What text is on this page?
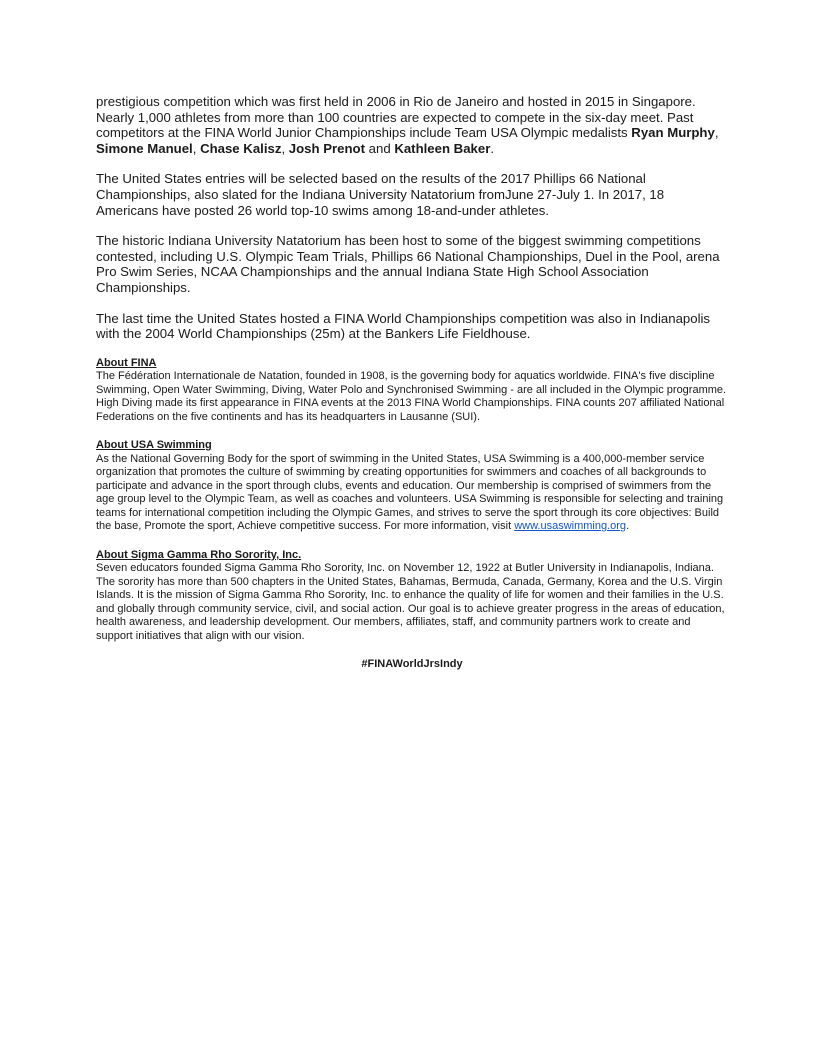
prestigious competition which was first held in 2006 in Rio de Janeiro and hosted in 2015 in Singapore. Nearly 1,000 athletes from more than 100 countries are expected to compete in the six-day meet. Past competitors at the FINA World Junior Championships include Team USA Olympic medalists Ryan Murphy, Simone Manuel, Chase Kalisz, Josh Prenot and Kathleen Baker.

The United States entries will be selected based on the results of the 2017 Phillips 66 National Championships, also slated for the Indiana University Natatorium fromJune 27-July 1. In 2017, 18 Americans have posted 26 world top-10 swims among 18-and-under athletes.

The historic Indiana University Natatorium has been host to some of the biggest swimming competitions contested, including U.S. Olympic Team Trials, Phillips 66 National Championships, Duel in the Pool, arena Pro Swim Series, NCAA Championships and the annual Indiana State High School Association Championships.

The last time the United States hosted a FINA World Championships competition was also in Indianapolis with the 2004 World Championships (25m) at the Bankers Life Fieldhouse.

About FINA

The Fédération Internationale de Natation, founded in 1908, is the governing body for aquatics worldwide. FINA's five discipline Swimming, Open Water Swimming, Diving, Water Polo and Synchronised Swimming - are all included in the Olympic programme. High Diving made its first appearance in FINA events at the 2013 FINA World Championships. FINA counts 207 affiliated National Federations on the five continents and has its headquarters in Lausanne (SUI).

About USA Swimming

As the National Governing Body for the sport of swimming in the United States, USA Swimming is a 400,000-member service organization that promotes the culture of swimming by creating opportunities for swimmers and coaches of all backgrounds to participate and advance in the sport through clubs, events and education. Our membership is comprised of swimmers from the age group level to the Olympic Team, as well as coaches and volunteers. USA Swimming is responsible for selecting and training teams for international competition including the Olympic Games, and strives to serve the sport through its core objectives: Build the base, Promote the sport, Achieve competitive success. For more information, visit www.usaswimming.org.

About Sigma Gamma Rho Sorority, Inc.

Seven educators founded Sigma Gamma Rho Sorority, Inc. on November 12, 1922 at Butler University in Indianapolis, Indiana. The sorority has more than 500 chapters in the United States, Bahamas, Bermuda, Canada, Germany, Korea and the U.S. Virgin Islands. It is the mission of Sigma Gamma Rho Sorority, Inc. to enhance the quality of life for women and their families in the U.S. and globally through community service, civil, and social action. Our goal is to achieve greater progress in the areas of education, health awareness, and leadership development. Our members, affiliates, staff, and community partners work to create and support initiatives that align with our vision.

#FINAWorldJrsIndy
